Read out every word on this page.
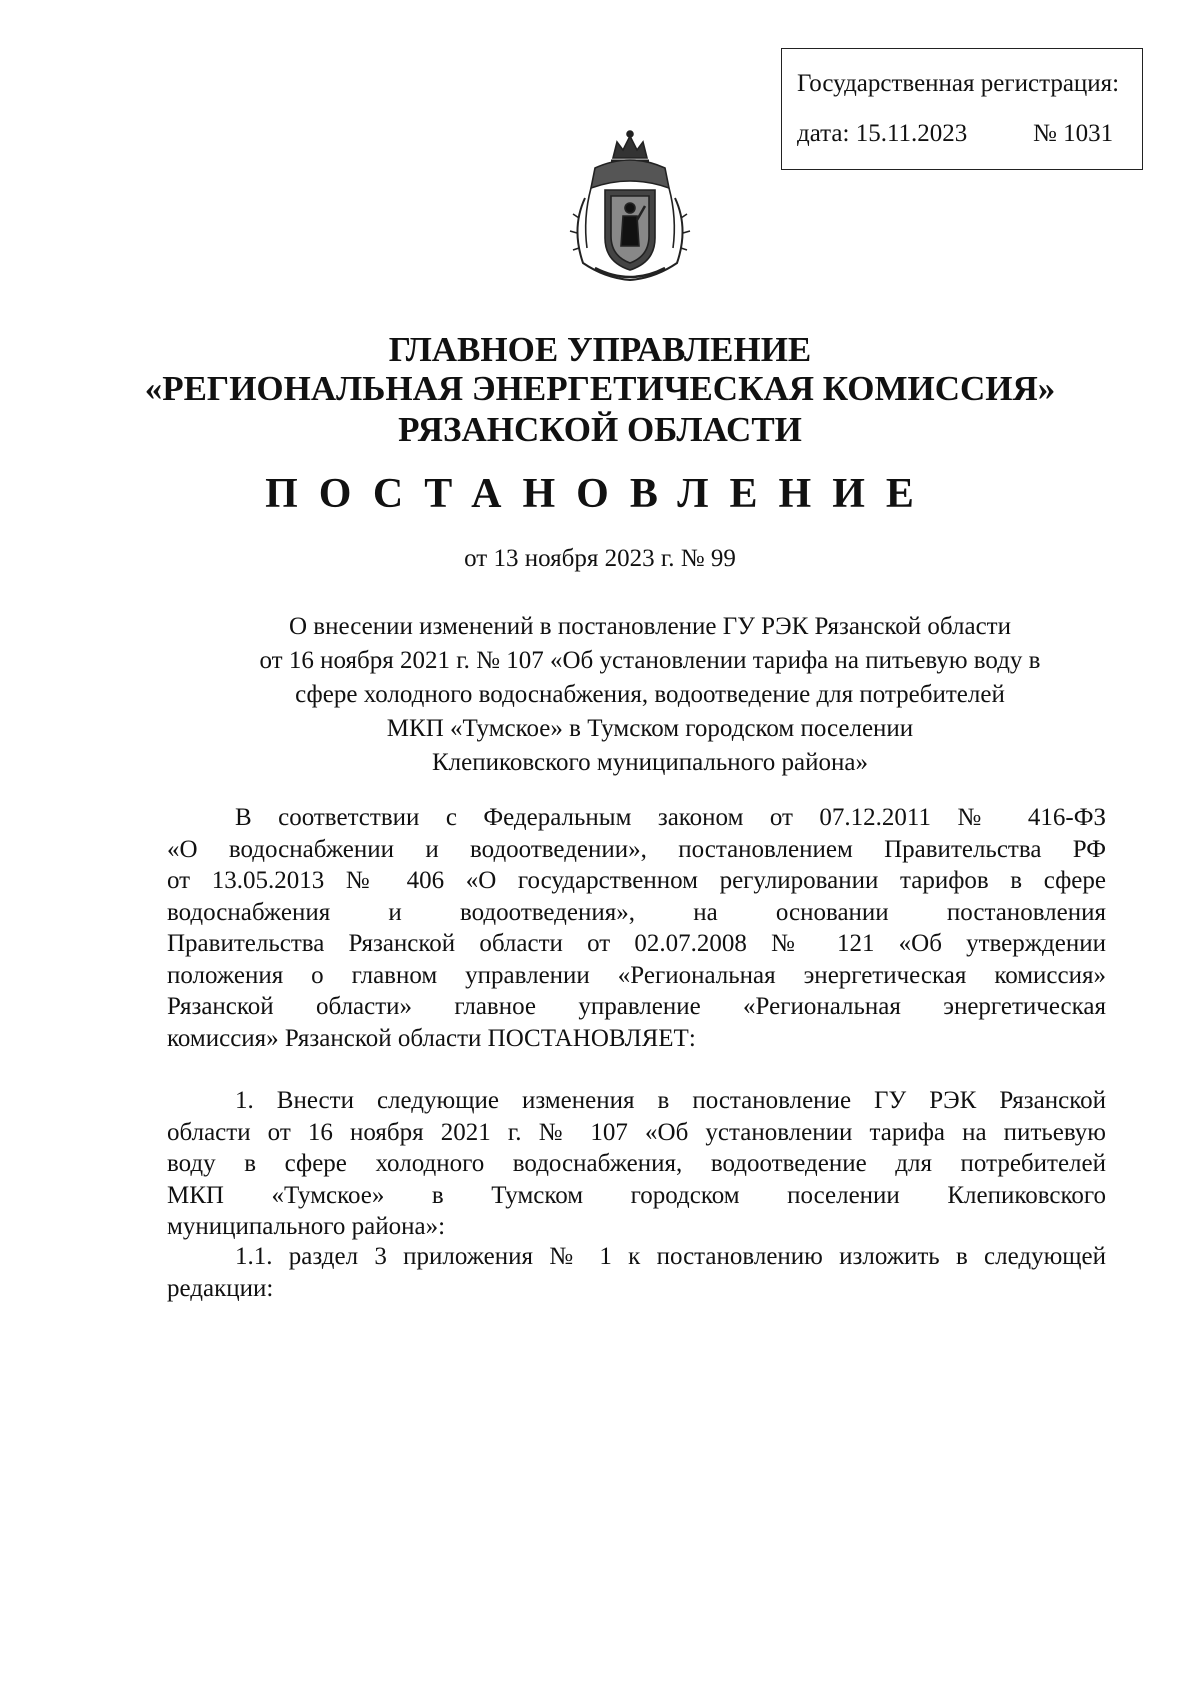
Государственная регистрация:
дата: 15.11.2023	№ 1031
ГЛАВНОЕ УПРАВЛЕНИЕ
«РЕГИОНАЛЬНАЯ ЭНЕРГЕТИЧЕСКАЯ КОМИССИЯ»
РЯЗАНСКОЙ ОБЛАСТИ
ПОСТАНОВЛЕНИЕ
от 13 ноября 2023 г. № 99
О внесении изменений в постановление ГУ РЭК Рязанской области
от 16 ноября 2021 г. № 107 «Об установлении тарифа на питьевую воду в
сфере холодного водоснабжения, водоотведение для потребителей
МКП «Тумское» в Тумском городском поселении
Клепиковского муниципального района»
В соответствии с Федеральным законом от 07.12.2011 № 416-ФЗ
«О водоснабжении и водоотведении», постановлением Правительства РФ
от 13.05.2013 № 406 «О государственном регулировании тарифов в сфере
водоснабжения и водоотведения», на основании постановления
Правительства Рязанской области от 02.07.2008 № 121 «Об утверждении
положения о главном управлении «Региональная энергетическая комиссия»
Рязанской области» главное управление «Региональная энергетическая
комиссия» Рязанской области ПОСТАНОВЛЯЕТ:
1. Внести следующие изменения в постановление ГУ РЭК Рязанской
области от 16 ноября 2021 г. № 107 «Об установлении тарифа на питьевую
воду в сфере холодного водоснабжения, водоотведение для потребителей
МКП «Тумское» в Тумском городском поселении Клепиковского
муниципального района»:
1.1. раздел 3 приложения № 1 к постановлению изложить в следующей
редакции:
